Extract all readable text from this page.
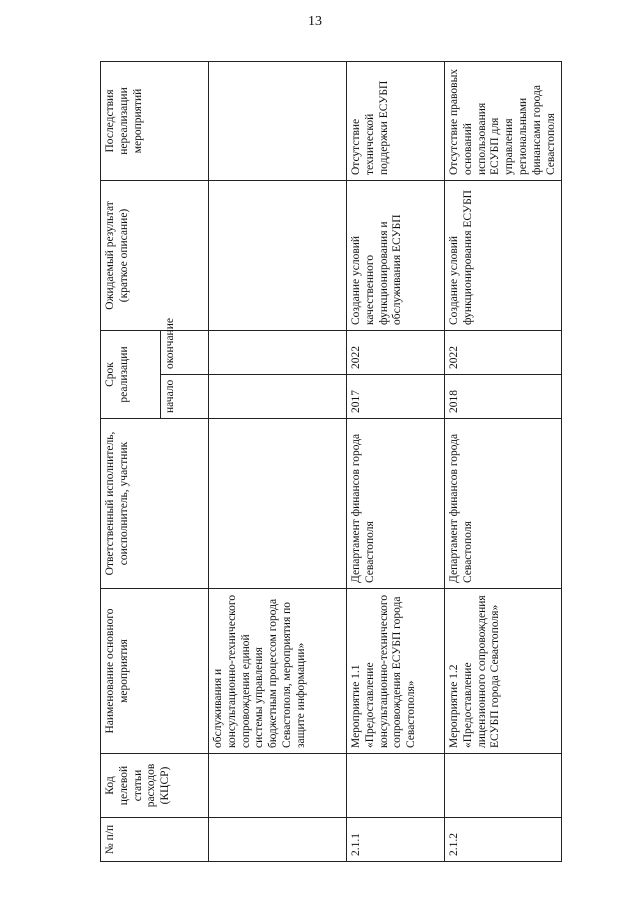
13
№ п/п	Код целевой статьи расходов (КЦСР)	Наименование основного мероприятия	Ответственный исполнитель, соисполнитель, участник	Срок реализации		Ожидаемый результат (краткое описание)	Последствия нереализации мероприятий
				начало	окончание		
		обслуживания и консультационно-технического сопровождения единой системы управления бюджетным процессом города Севастополя, мероприятия по защите информации»					
2.1.1		Мероприятие 1.1 «Предоставление консультационно-технического сопровождения ЕСУБП города Севастополя»	Департамент финансов города Севастополя	2017	2022	Создание условий качественного функционирования и обслуживания ЕСУБП	Отсутствие технической поддержки ЕСУБП
2.1.2		Мероприятие 1.2 «Предоставление лицензионного сопровождения ЕСУБП города Севастополя»	Департамент финансов города Севастополя	2018	2022	Создание условий функционирования ЕСУБП	Отсутствие правовых оснований использования ЕСУБП для управления региональными финансами города Севастополя
